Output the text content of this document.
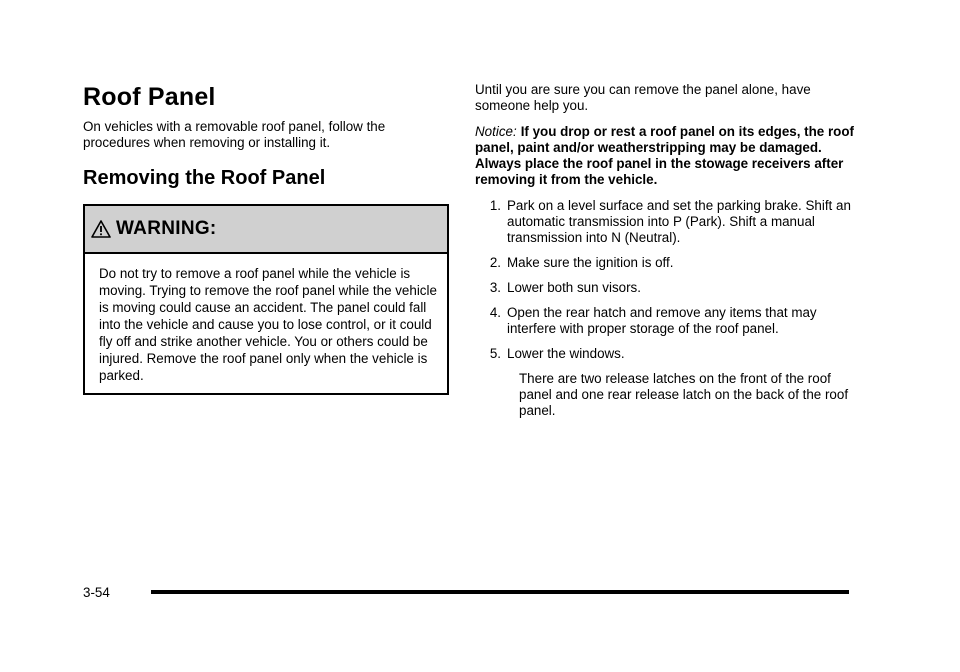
Roof Panel

On vehicles with a removable roof panel, follow the procedures when removing or installing it.

Removing the Roof Panel
WARNING:
Do not try to remove a roof panel while the vehicle is moving. Trying to remove the roof panel while the vehicle is moving could cause an accident. The panel could fall into the vehicle and cause you to lose control, or it could fly off and strike another vehicle. You or others could be injured. Remove the roof panel only when the vehicle is parked.

Until you are sure you can remove the panel alone, have someone help you.

Notice: If you drop or rest a roof panel on its edges, the roof panel, paint and/or weatherstripping may be damaged. Always place the roof panel in the stowage receivers after removing it from the vehicle.

1. Park on a level surface and set the parking brake. Shift an automatic transmission into P (Park). Shift a manual transmission into N (Neutral).
2. Make sure the ignition is off.
3. Lower both sun visors.
4. Open the rear hatch and remove any items that may interfere with proper storage of the roof panel.
5. Lower the windows.
There are two release latches on the front of the roof panel and one rear release latch on the back of the roof panel.
3-54
